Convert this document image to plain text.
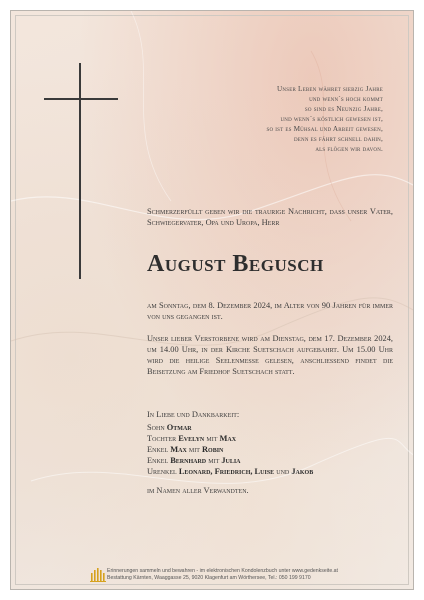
Unser Leben währet siebzig Jahre
und wenn´s hoch kommt
so sind es Neunzig Jahre,
und wenn´s köstlich gewesen ist,
so ist es Mühsal und Arbeit gewesen,
denn es fährt schnell dahin,
als flögen wir davon.
Schmerzerfüllt geben wir die traurige Nachricht, dass unser Vater, Schwiegervater, Opa und Uropa, Herr
August Begusch
am Sonntag, dem 8. Dezember 2024, im Alter von 90 Jahren für immer von uns gegangen ist.
Unser lieber Verstorbene wird am Dienstag, dem 17. Dezember 2024, um 14.00 Uhr, in der Kirche Suetschach aufgebahrt. Um 15.00 Uhr wird die heilige Seelenmesse gelesen, anschliessend findet die Beisetzung am Friedhof Suetschach statt.
In Liebe und Dankbarkeit:
Sohn Otmar
Tochter Evelyn mit Max
Enkel Max mit Robin
Enkel Bernhard mit Julia
Urenkel Leonard, Friedrich, Luise und Jakob
im Namen aller Verwandten.
Erinnerungen sammeln und bewahren - im elektronischen Kondolenzbuch unter www.gedenkseite.at
Bestattung Kärnten, Waaggasse 25, 9020 Klagenfurt am Wörthersee, Tel.: 050 199 9170
